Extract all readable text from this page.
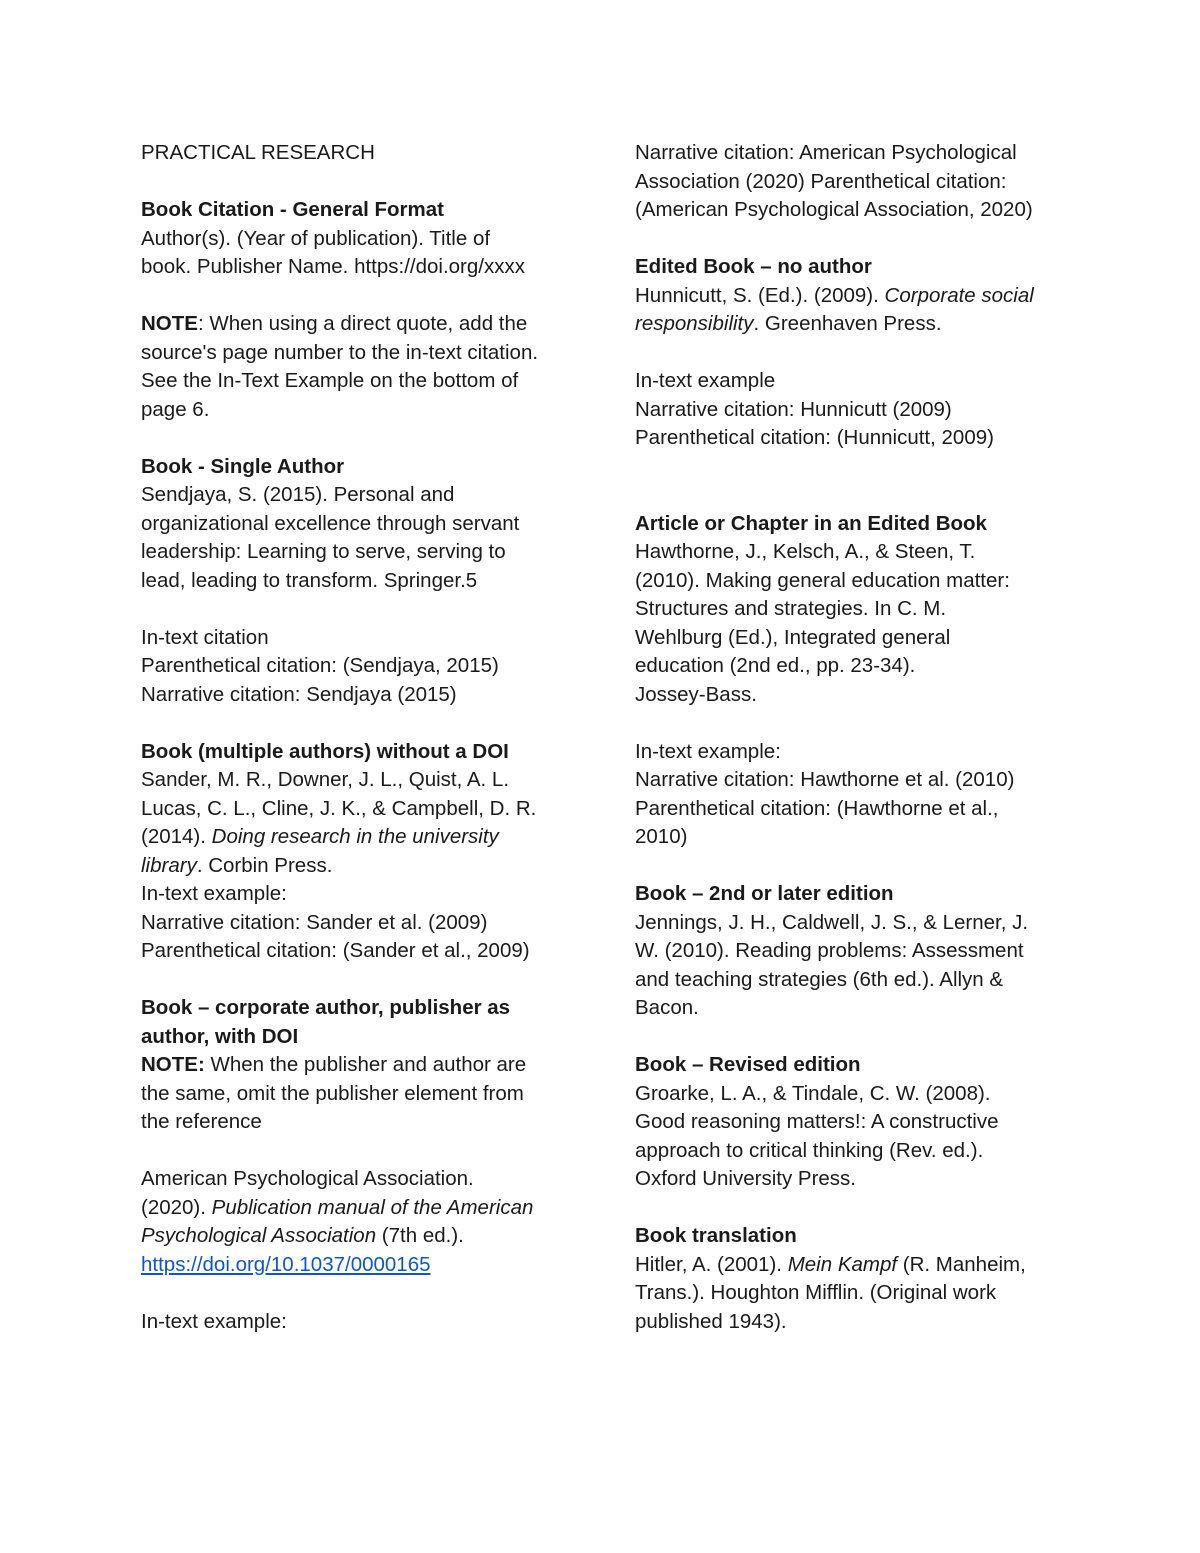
PRACTICAL RESEARCH
Book Citation - General Format
Author(s). (Year of publication). Title of
book. Publisher Name. https://doi.org/xxxx
NOTE: When using a direct quote, add the
source's page number to the in-text citation.
See the In-Text Example on the bottom of
page 6.
Book - Single Author
Sendjaya, S. (2015). Personal and
organizational excellence through servant
leadership: Learning to serve, serving to
lead, leading to transform. Springer.5
In-text citation
Parenthetical citation: (Sendjaya, 2015)
Narrative citation: Sendjaya (2015)
Book (multiple authors) without a DOI
Sander, M. R., Downer, J. L., Quist, A. L.
Lucas, C. L., Cline, J. K., & Campbell, D. R.
(2014). Doing research in the university
library. Corbin Press.
In-text example:
Narrative citation: Sander et al. (2009)
Parenthetical citation: (Sander et al., 2009)
Book – corporate author, publisher as
author, with DOI
NOTE: When the publisher and author are
the same, omit the publisher element from
the reference
American Psychological Association.
(2020). Publication manual of the American
Psychological Association (7th ed.).
https://doi.org/10.1037/0000165
In-text example:
Narrative citation: American Psychological
Association (2020) Parenthetical citation:
(American Psychological Association, 2020)
Edited Book – no author
Hunnicutt, S. (Ed.). (2009). Corporate social
responsibility. Greenhaven Press.
In-text example
Narrative citation: Hunnicutt (2009)
Parenthetical citation: (Hunnicutt, 2009)
Article or Chapter in an Edited Book
Hawthorne, J., Kelsch, A., & Steen, T.
(2010). Making general education matter:
Structures and strategies. In C. M.
Wehlburg (Ed.), Integrated general
education (2nd ed., pp. 23-34).
Jossey-Bass.
In-text example:
Narrative citation: Hawthorne et al. (2010)
Parenthetical citation: (Hawthorne et al.,
2010)
Book – 2nd or later edition
Jennings, J. H., Caldwell, J. S., & Lerner, J.
W. (2010). Reading problems: Assessment
and teaching strategies (6th ed.). Allyn &
Bacon.
Book – Revised edition
Groarke, L. A., & Tindale, C. W. (2008).
Good reasoning matters!: A constructive
approach to critical thinking (Rev. ed.).
Oxford University Press.
Book translation
Hitler, A. (2001). Mein Kampf (R. Manheim,
Trans.). Houghton Mifflin. (Original work
published 1943).
